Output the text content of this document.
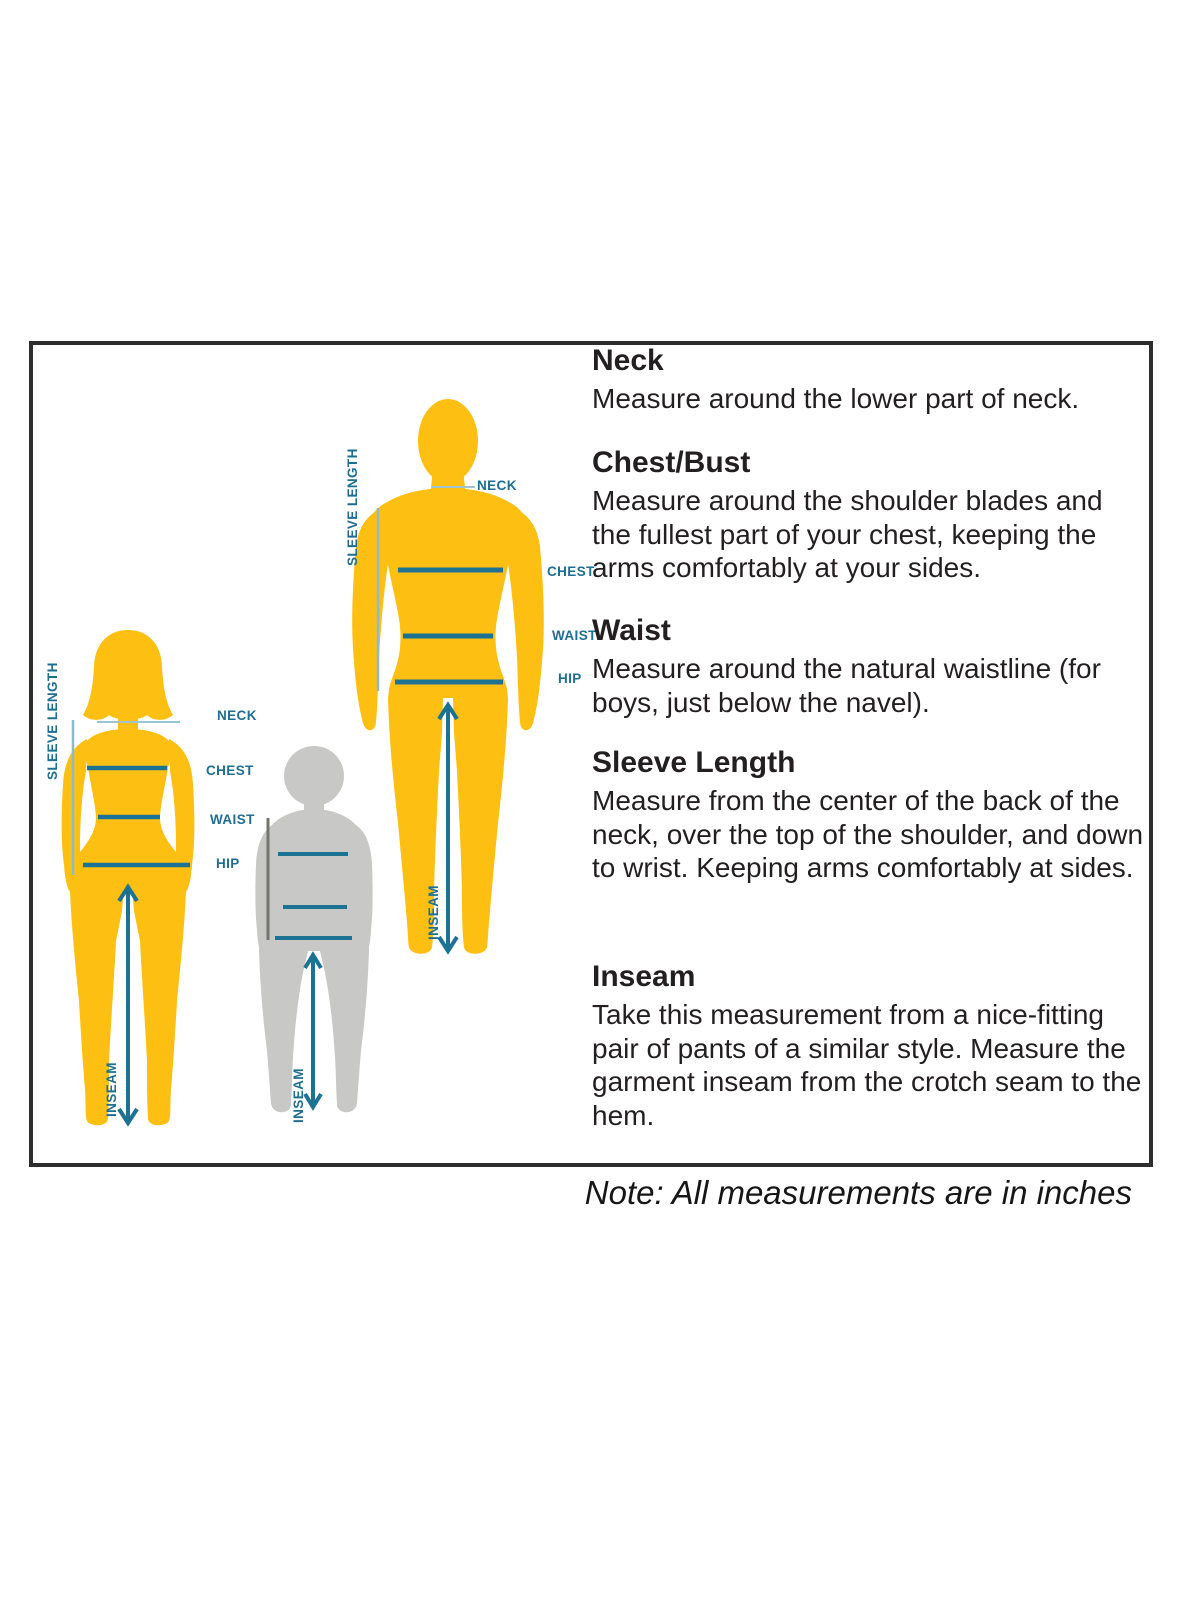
NECK
CHEST
WAIST
HIP
SLEEVE LENGTH
INSEAM
NECK
CHEST
WAIST
HIP
SLEEVE LENGTH
INSEAM	INSEAM
Neck

Measure around the lower part of neck.

Chest/Bust

Measure around the shoulder blades and the fullest part of your chest, keeping the arms comfortably at your sides.

Waist

Measure around the natural waistline (for boys, just below the navel).

Sleeve Length

Measure from the center of the back of the neck, over the top of the shoulder, and down to wrist. Keeping arms comfortably at sides.

Inseam

Take this measurement from a nice-fitting pair of pants of a similar style. Measure the garment inseam from the crotch seam to the hem.

Note: All measurements are in inches
